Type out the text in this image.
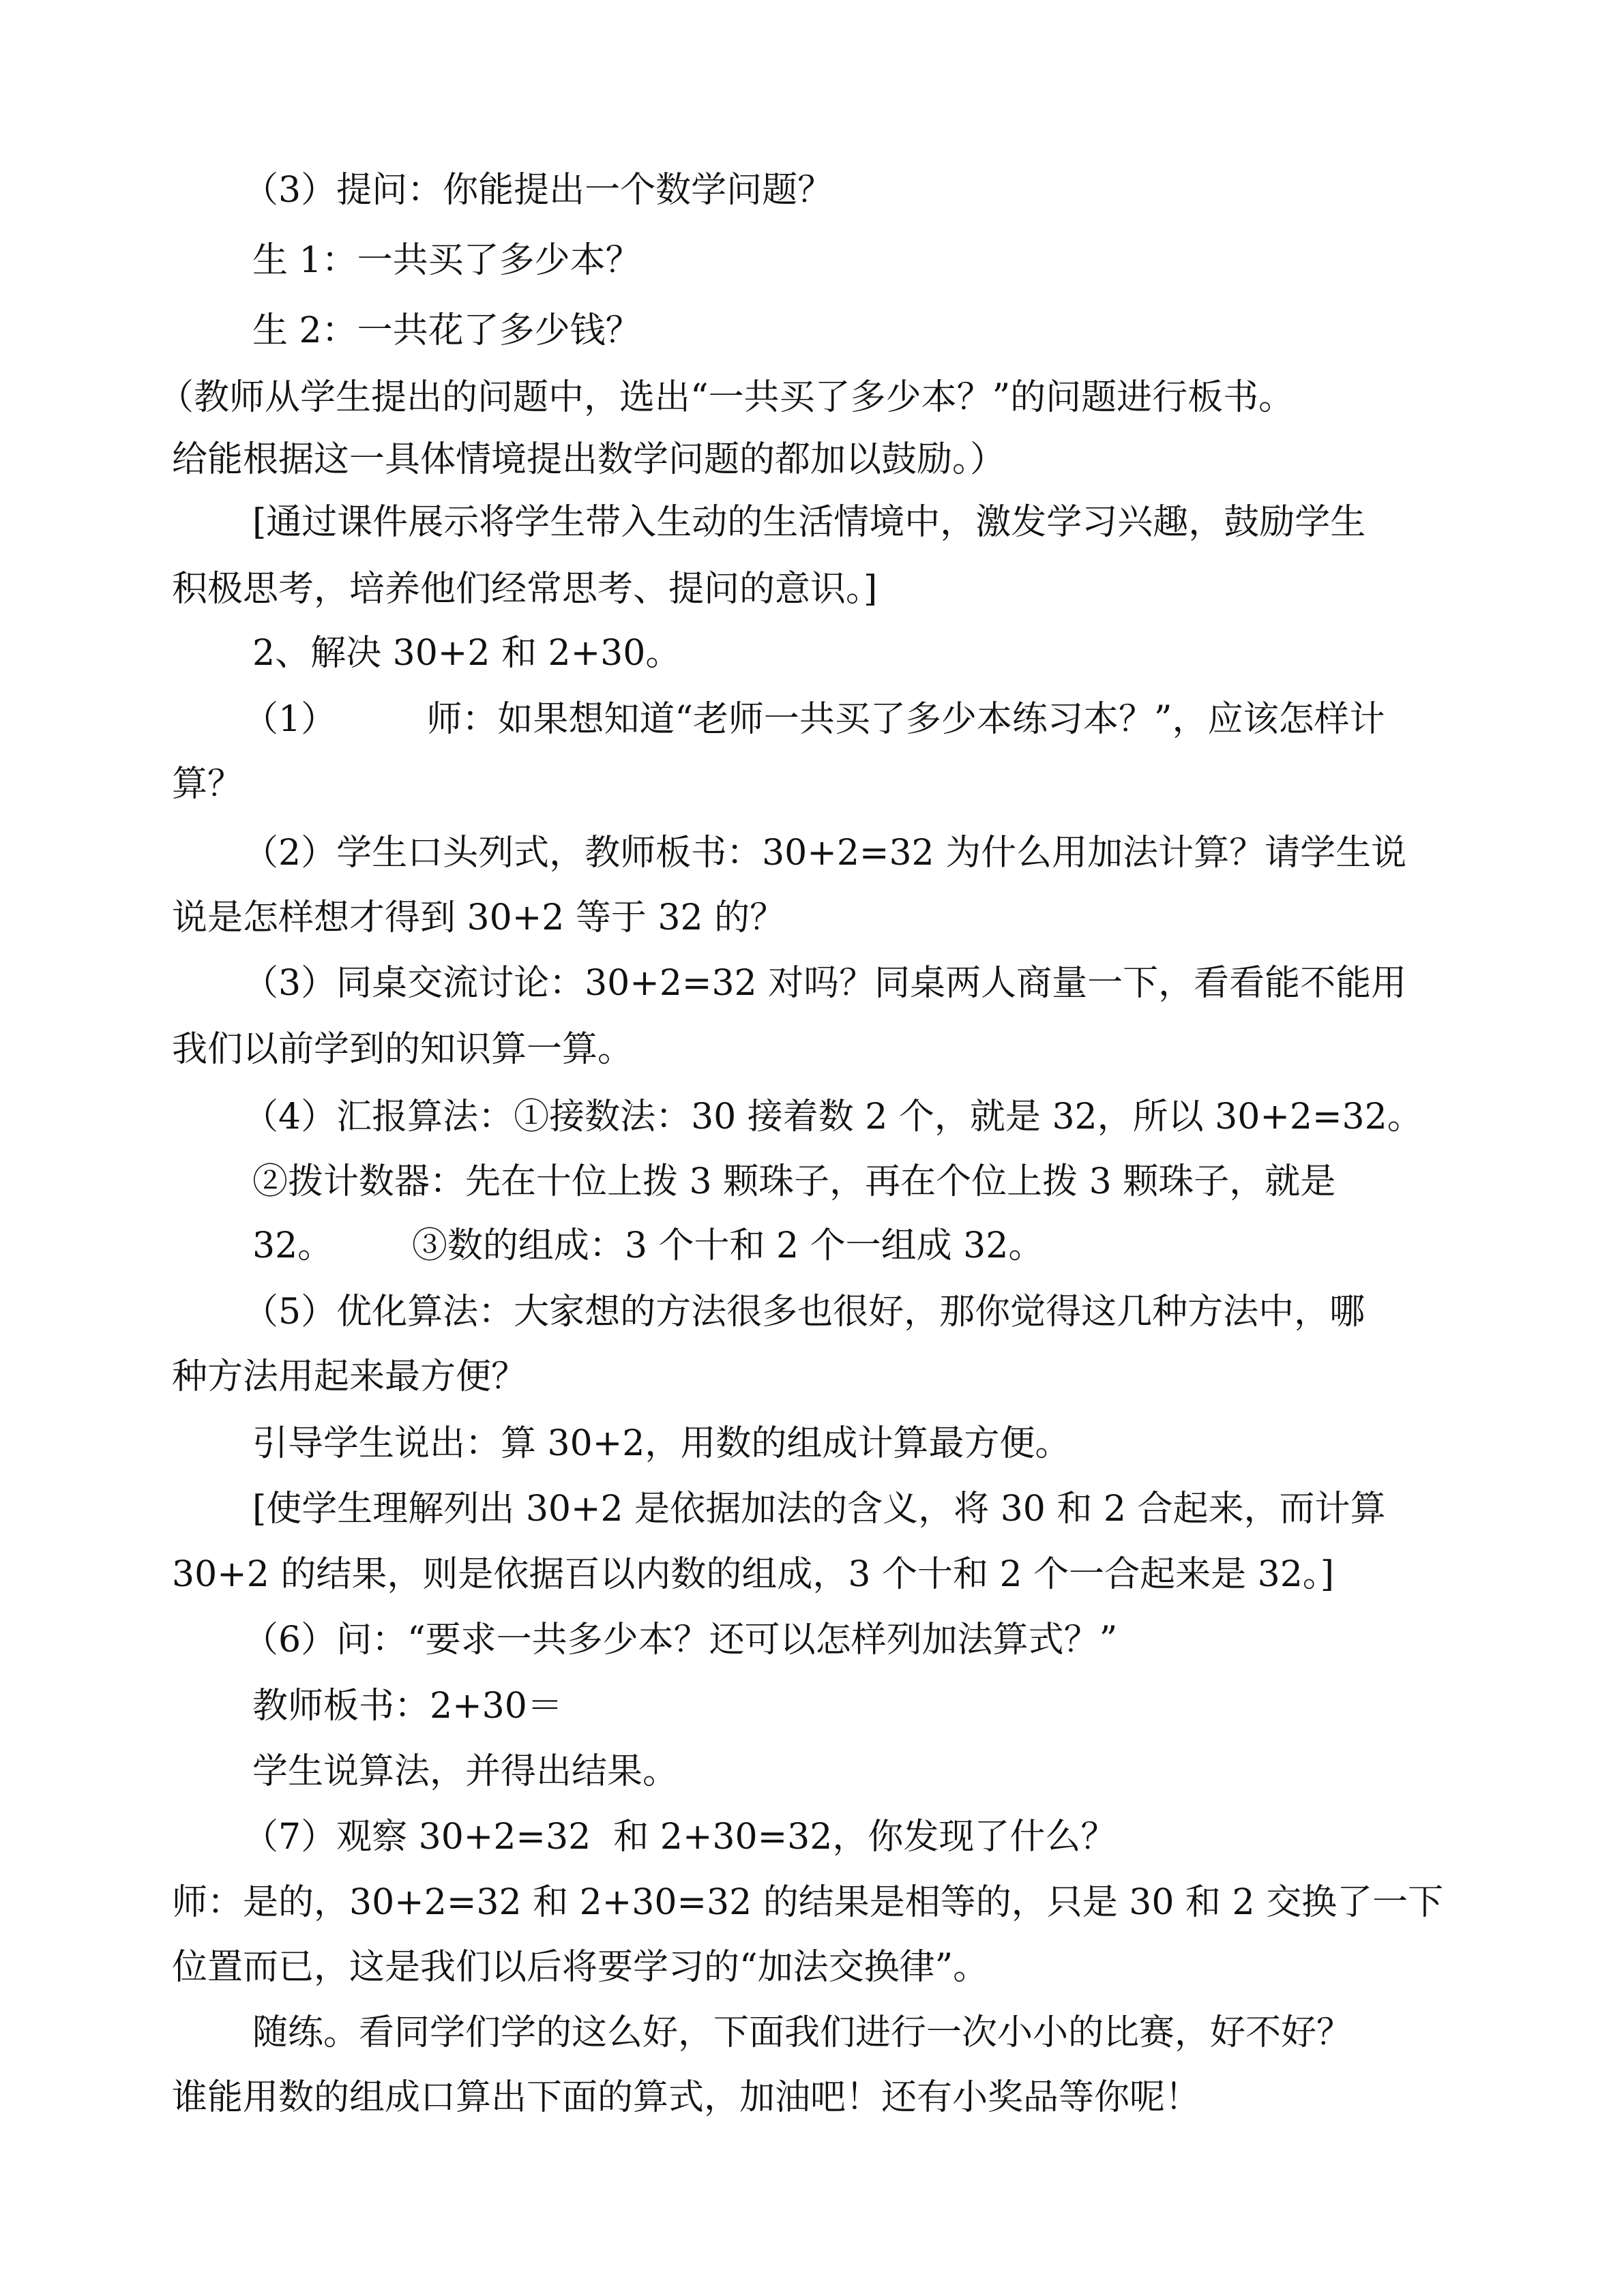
（3）提问：你能提出一个数学问题？
生 1：一共买了多少本？
生 2：一共花了多少钱？
（教师从学生提出的问题中，选出“一共买了多少本？”的问题进行板书。
给能根据这一具体情境提出数学问题的都加以鼓励。）
[通过课件展示将学生带入生动的生活情境中，激发学习兴趣，鼓励学生
积极思考，培养他们经常思考、提问的意识。]
2、解决 30+2 和 2+30。
（1）        师：如果想知道“老师一共买了多少本练习本？”，应该怎样计
算？
（2）学生口头列式，教师板书：30+2=32 为什么用加法计算？请学生说
说是怎样想才得到 30+2 等于 32 的？
（3）同桌交流讨论：30+2=32 对吗？同桌两人商量一下，看看能不能用
我们以前学到的知识算一算。
（4）汇报算法：①接数法：30 接着数 2 个，就是 32，所以 30+2=32。
②拨计数器：先在十位上拨 3 颗珠子，再在个位上拨 3 颗珠子，就是
32。       ③数的组成：3 个十和 2 个一组成 32。
（5）优化算法：大家想的方法很多也很好，那你觉得这几种方法中，哪
种方法用起来最方便？
引导学生说出：算 30+2，用数的组成计算最方便。
[使学生理解列出 30+2 是依据加法的含义，将 30 和 2 合起来，而计算
30+2 的结果，则是依据百以内数的组成，3 个十和 2 个一合起来是 32。]
（6）问：“要求一共多少本？还可以怎样列加法算式？”
教师板书：2+30＝
学生说算法，并得出结果。
（7）观察 30+2=32  和 2+30=32，你发现了什么？
师：是的，30+2=32 和 2+30=32 的结果是相等的，只是 30 和 2 交换了一下
位置而已，这是我们以后将要学习的“加法交换律”。
随练。看同学们学的这么好，下面我们进行一次小小的比赛，好不好？
谁能用数的组成口算出下面的算式，加油吧！还有小奖品等你呢！
